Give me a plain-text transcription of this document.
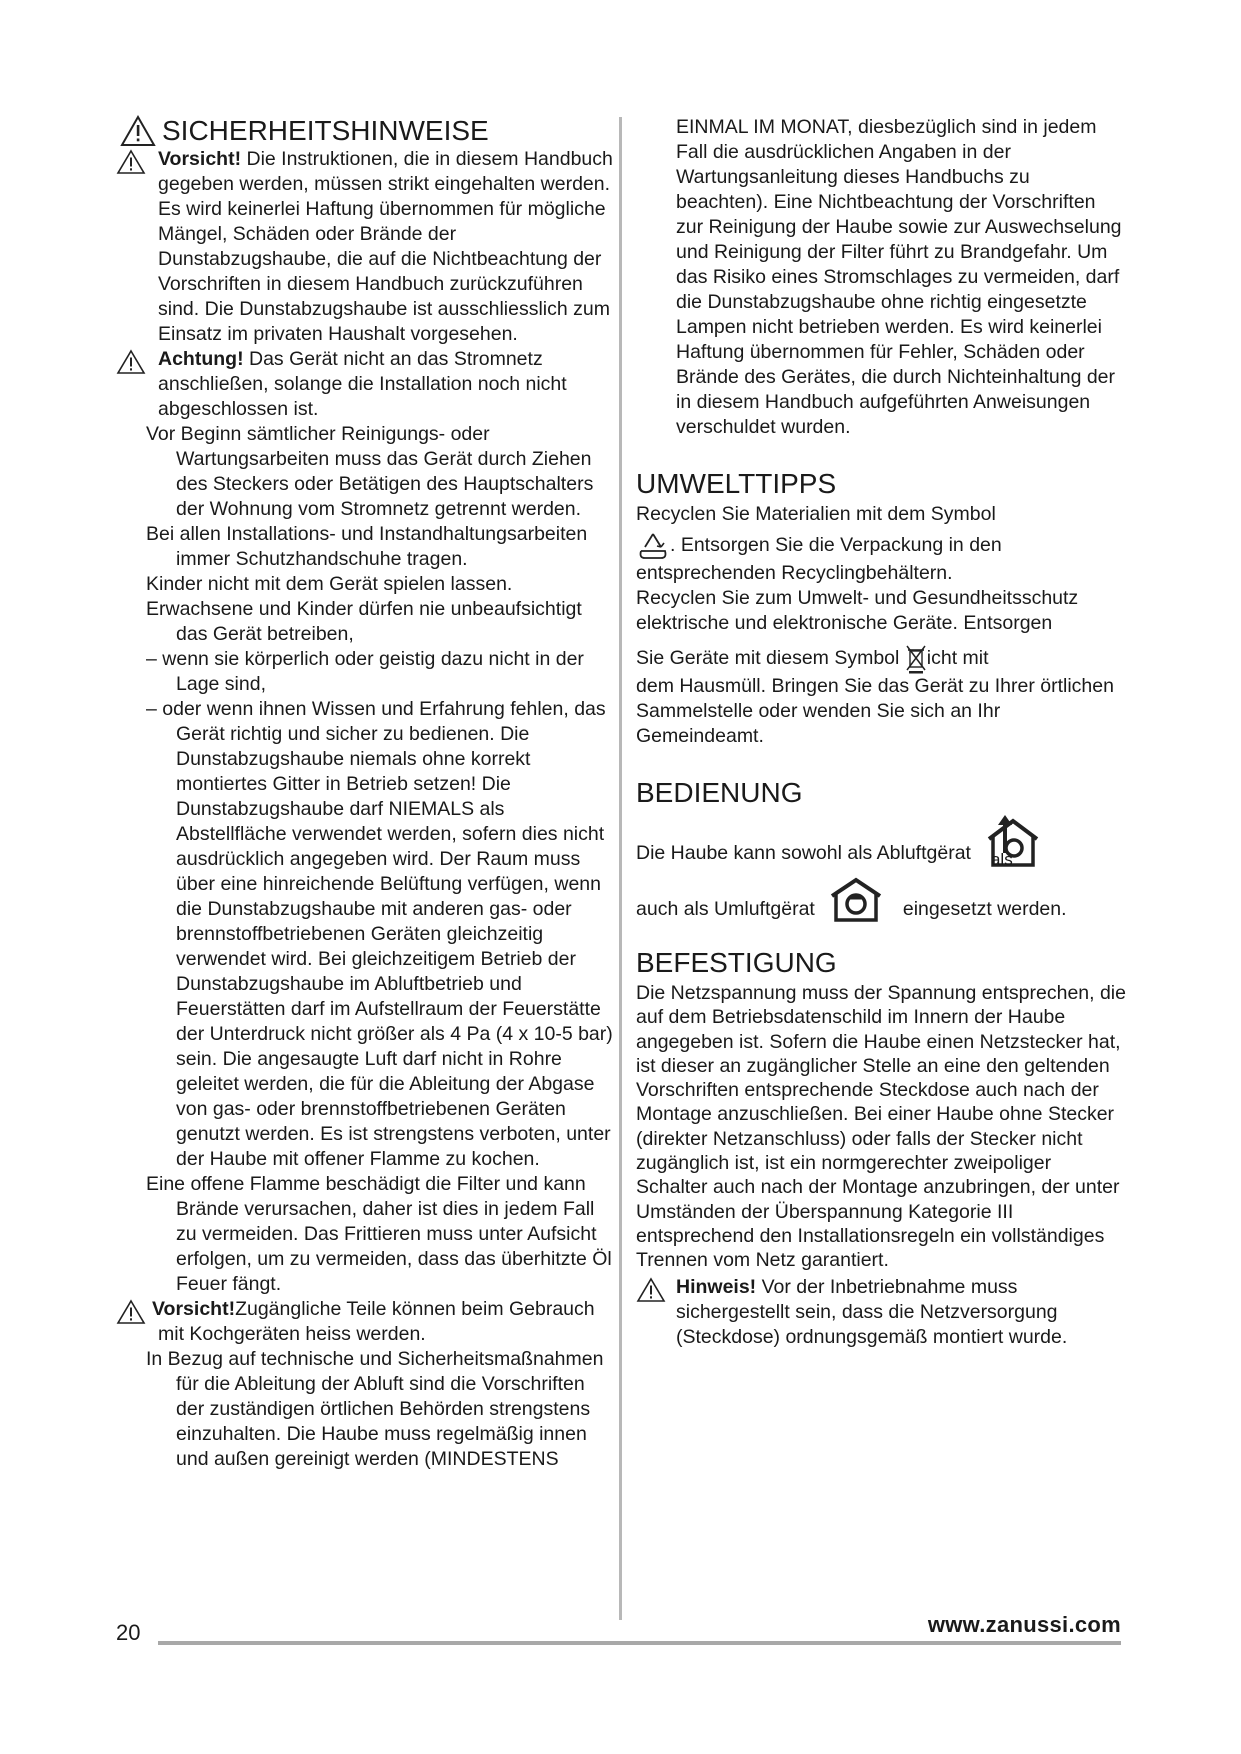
SICHERHEITSHINWEISE
Vorsicht! Die Instruktionen, die in diesem Handbuch gegeben werden, müssen strikt eingehalten werden. Es wird keinerlei Haftung übernommen für mögliche Mängel, Schäden oder Brände der Dunstabzugshaube, die auf die Nichtbeachtung der Vorschriften in diesem Handbuch zurückzuführen sind. Die Dunstabzugshaube ist ausschliesslich zum Einsatz im privaten Haushalt vorgesehen.
Achtung! Das Gerät nicht an das Stromnetz anschließen, solange die Installation noch nicht abgeschlossen ist.

Vor Beginn sämtlicher Reinigungs- oder Wartungsarbeiten muss das Gerät durch Ziehen des Steckers oder Betätigen des Hauptschalters der Wohnung vom Stromnetz getrennt werden.

Bei allen Installations- und Instandhaltungsarbeiten immer Schutzhandschuhe tragen.

Kinder nicht mit dem Gerät spielen lassen.

Erwachsene und Kinder dürfen nie unbeaufsichtigt das Gerät betreiben,

– wenn sie körperlich oder geistig dazu nicht in der Lage sind,

– oder wenn ihnen Wissen und Erfahrung fehlen, das Gerät richtig und sicher zu bedienen. Die Dunstabzugshaube niemals ohne korrekt montiertes Gitter in Betrieb setzen! Die Dunstabzugshaube darf NIEMALS als Abstellfläche verwendet werden, sofern dies nicht ausdrücklich angegeben wird. Der Raum muss über eine hinreichende Belüftung verfügen, wenn die Dunstabzugshaube mit anderen gas- oder brennstoffbetriebenen Geräten gleichzeitig verwendet wird. Bei gleichzeitigem Betrieb der Dunstabzugshaube im Abluftbetrieb und Feuerstätten darf im Aufstellraum der Feuerstätte der Unterdruck nicht größer als 4 Pa (4 x 10-5 bar) sein. Die angesaugte Luft darf nicht in Rohre geleitet werden, die für die Ableitung der Abgase von gas- oder brennstoffbetriebenen Geräten genutzt werden. Es ist strengstens verboten, unter der Haube mit offener Flamme zu kochen.

Eine offene Flamme beschädigt die Filter und kann Brände verursachen, daher ist dies in jedem Fall zu vermeiden. Das Frittieren muss unter Aufsicht erfolgen, um zu vermeiden, dass das überhitzte Öl Feuer fängt.

Vorsicht!Zugängliche Teile können beim Gebrauch mit Kochgeräten heiss werden.

In Bezug auf technische und Sicherheitsmaßnahmen für die Ableitung der Abluft sind die Vorschriften der zuständigen örtlichen Behörden strengstens einzuhalten. Die Haube muss regelmäßig innen und außen gereinigt werden (MINDESTENS

EINMAL IM MONAT, diesbezüglich sind in jedem Fall die ausdrücklichen Angaben in der Wartungsanleitung dieses Handbuchs zu beachten). Eine Nichtbeachtung der Vorschriften zur Reinigung der Haube sowie zur Auswechselung und Reinigung der Filter führt zu Brandgefahr. Um das Risiko eines Stromschlages zu vermeiden, darf die Dunstabzugshaube ohne richtig eingesetzte Lampen nicht betrieben werden. Es wird keinerlei Haftung übernommen für Fehler, Schäden oder Brände des Gerätes, die durch Nichteinhaltung der in diesem Handbuch aufgeführten Anweisungen verschuldet wurden.

UMWELTTIPPS

Recyclen Sie Materialien mit dem Symbol

. Entsorgen Sie die Verpackung in den entsprechenden Recyclingbehältern.

Recyclen Sie zum Umwelt- und Gesundheitsschutz elektrische und elektronische Geräte. Entsorgen

Sie Geräte mit diesem Symbol icht mit

dem Hausmüll. Bringen Sie das Gerät zu Ihrer örtlichen Sammelstelle oder wenden Sie sich an Ihr Gemeindeamt.

BEDIENUNG
Die Haube kann sowohl als Abluftgërat als
auch als Umluftgërat	eingesetzt werden.
BEFESTIGUNG

Die Netzspannung muss der Spannung entsprechen, die auf dem Betriebsdatenschild im Innern der Haube angegeben ist. Sofern die Haube einen Netzstecker hat, ist dieser an zugänglicher Stelle an eine den geltenden Vorschriften entsprechende Steckdose auch nach der Montage anzuschließen. Bei einer Haube ohne Stecker (direkter Netzanschluss) oder falls der Stecker nicht zugänglich ist, ist ein normgerechter zweipoliger Schalter auch nach der Montage anzubringen, der unter Umständen der Überspannung Kategorie III entsprechend den Installationsregeln ein vollständiges Trennen vom Netz garantiert.

Hinweis! Vor der Inbetriebnahme muss sichergestellt sein, dass die Netzversorgung (Steckdose) ordnungsgemäß montiert wurde.
20	www.zanussi.com
